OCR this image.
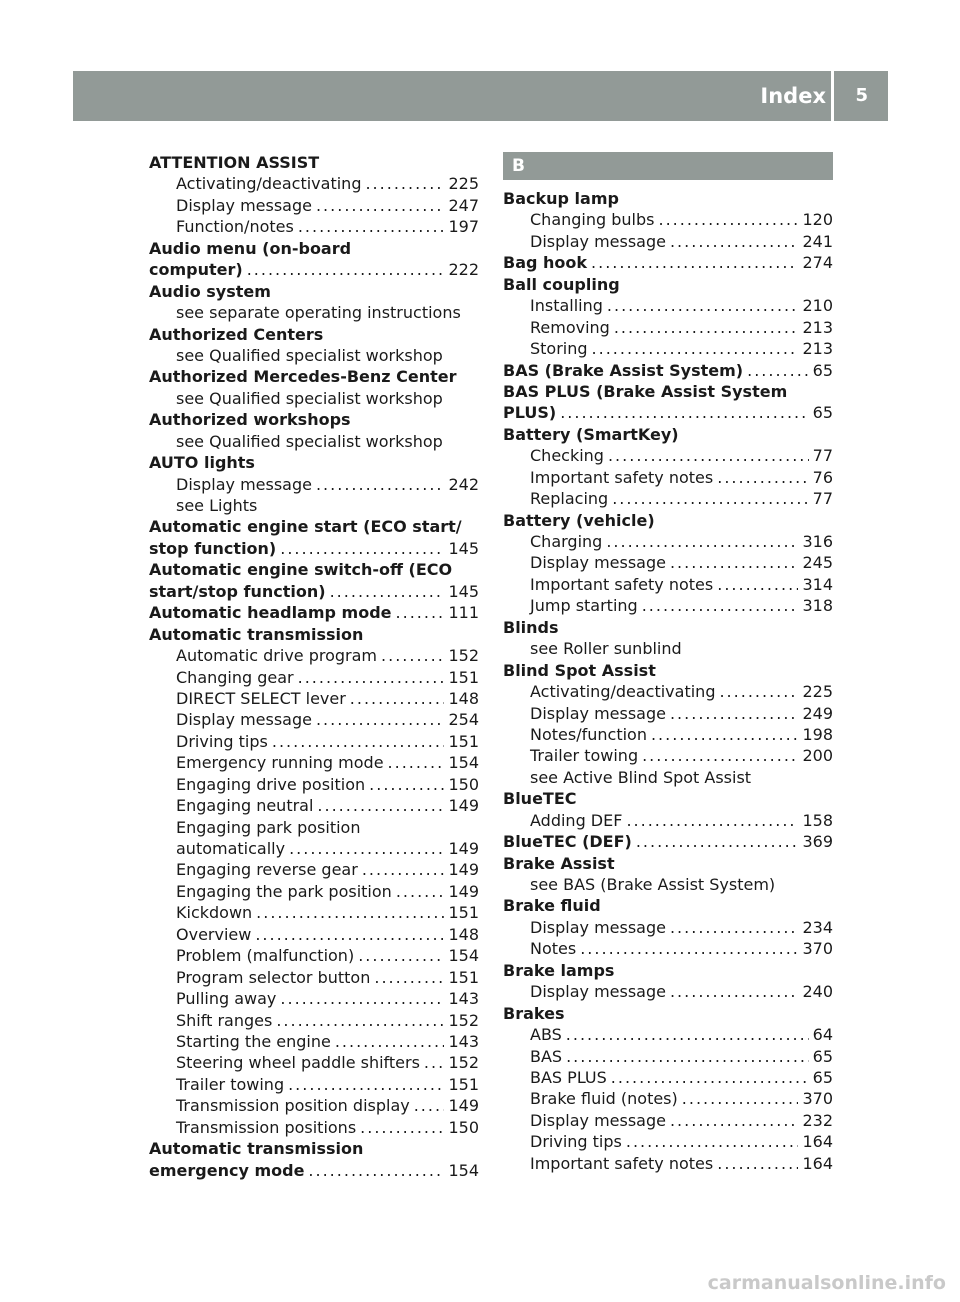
Index 5
ATTENTION ASSIST
Activating/deactivating .....	225
Display message .....	247
Function/notes .....	197
Audio menu (on-board
computer) .....	222
Audio system
see separate operating instructions
Authorized Centers
see Qualified specialist workshop
Authorized Mercedes-Benz Center
see Qualified specialist workshop
Authorized workshops
see Qualified specialist workshop
AUTO lights
Display message .....	242
see Lights
Automatic engine start (ECO start/
stop function) .....	145
Automatic engine switch-off (ECO
start/stop function) .....	145
Automatic headlamp mode .....	111
Automatic transmission
Automatic drive program .....	152
Changing gear .....	151
DIRECT SELECT lever .....	148
Display message .....	254
Driving tips .....	151
Emergency running mode .....	154
Engaging drive position .....	150
Engaging neutral .....	149
Engaging park position
automatically .....	149
Engaging reverse gear .....	149
Engaging the park position .....	149
Kickdown .....	151
Overview .....	148
Problem (malfunction) .....	154
Program selector button .....	151
Pulling away .....	143
Shift ranges .....	152
Starting the engine .....	143
Steering wheel paddle shifters ..... 152
Trailer towing .....	151
Transmission position display ..... 149
Transmission positions .....	150
Automatic transmission
emergency mode .....	154
B
Backup lamp
Changing bulbs .....	120
Display message .....	241
Bag hook .....	274
Ball coupling
Installing .....	210
Removing .....	213
Storing .....	213
BAS (Brake Assist System) .....	65
BAS PLUS (Brake Assist System
PLUS) .....	65
Battery (SmartKey)
Checking .....	77
Important safety notes .....	76
Replacing .....	77
Battery (vehicle)
Charging .....	316
Display message .....	245
Important safety notes .....	314
Jump starting .....	318
Blinds
see Roller sunblind
Blind Spot Assist
Activating/deactivating .....	225
Display message .....	249
Notes/function .....	198
Trailer towing .....	200
see Active Blind Spot Assist
BlueTEC
Adding DEF .....	158
BlueTEC (DEF) .....	369
Brake Assist
see BAS (Brake Assist System)
Brake fluid
Display message .....	234
Notes .....	370
Brake lamps
Display message .....	240
Brakes
ABS .....	64
BAS .....	65
BAS PLUS .....	65
Brake fluid (notes) .....	370
Display message .....	232
Driving tips .....	164
Important safety notes .....	164
carmanualsonline.info
